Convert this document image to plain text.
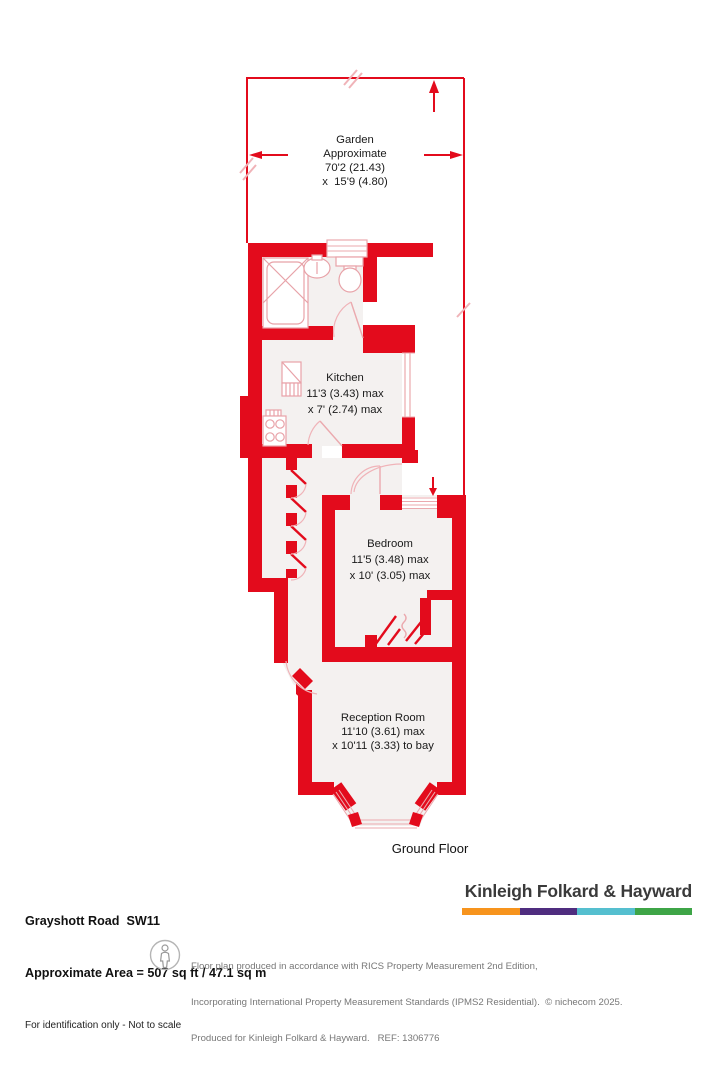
Garden
Approximate
70'2 (21.43)
x  15'9 (4.80)
Kitchen
11'3 (3.43) max
x 7' (2.74) max
Bedroom
11'5 (3.48) max
x 10' (3.05) max
Reception Room
11'10 (3.61) max
x 10'11 (3.33) to bay
Ground Floor

Grayshott Road  SW11

Approximate Area = 507 sq ft / 47.1 sq m

For identification only - Not to scale

Kinleigh Folkard & Hayward

Floor plan produced in accordance with RICS Property Measurement 2nd Edition,

Incorporating International Property Measurement Standards (IPMS2 Residential).  © nichecom 2025.

Produced for Kinleigh Folkard & Hayward.   REF: 1306776
